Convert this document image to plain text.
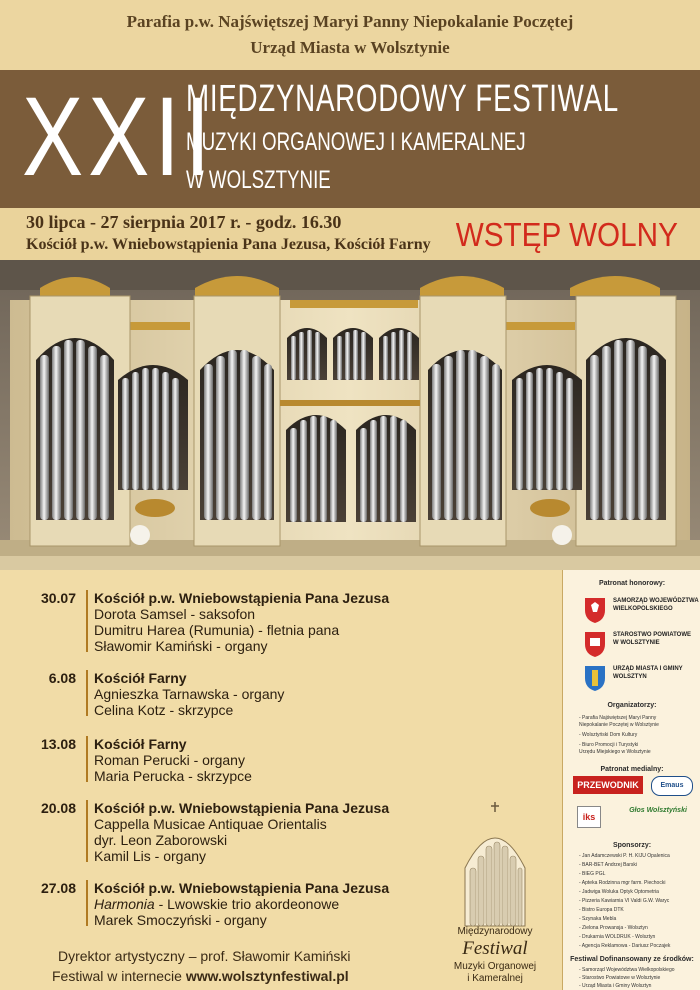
Parafia p.w. Najświętszej Maryi Panny Niepokalanie Poczętej
Urząd Miasta w Wolsztynie
XXII
MIĘDZYNARODOWY FESTIWAL
MUZYKI ORGANOWEJ I KAMERALNEJ
W WOLSZTYNIE
30 lipca - 27 sierpnia 2017 r. - godz. 16.30
Kościół p.w. Wniebowstąpienia Pana Jezusa, Kościół Farny WSTĘP WOLNY
30.07 Kościół p.w. Wniebowstąpienia Pana Jezusa
Dorota Samsel - saksofon
Dumitru Harea (Rumunia) - fletnia pana
Sławomir Kamiński - organy
6.08 Kościół Farny
Agnieszka Tarnawska - organy
Celina Kotz - skrzypce
13.08 Kościół Farny
Roman Perucki - organy
Maria Perucka - skrzypce
20.08 Kościół p.w. Wniebowstąpienia Pana Jezusa
Cappella Musicae Antiquae Orientalis
dyr. Leon Zaborowski
Kamil Lis - organy
27.08 Kościół p.w. Wniebowstąpienia Pana Jezusa
Harmonia - Lwowskie trio akordeonowe
Marek Smoczyński - organy
Dyrektor artystyczny – prof. Sławomir Kamiński
Festiwal w internecie www.wolsztynfestiwal.pl
Międzynarodowy
Festiwal
Muzyki Organowej
i Kameralnej
Patronat honorowy:
SAMORZĄD WOJEWÓDZTWA
WIELKOPOLSKIEGO
STAROSTWO POWIATOWE
W WOLSZTYNIE
URZĄD MIASTA I GMINY
WOLSZTYN
Organizatorzy:
- Parafia Najświętszej Maryi Panny
Niepokalanie Poczętej w Wolsztynie
- Wolsztyński Dom Kultury
- Biuro Promocji i Turystyki
Urzędu Miejskiego w Wolsztynie
Patronat medialny:
PRZEWODNIK	Emaus
iks
Głos Wolsztyński
Sponsorzy:
- Jan Adamczewski P. H. KIJU Opalenica
- BAR-BET Andrzej Barski
- BIEG PGL
- Apteka Rodzinna mgr farm. Piechocki
- Jadwiga Woluka Optyk Optometria
- Pizzeria Kawiarnia VI Valdi G.W. Waryc
- Bistro Europa DTK
- Szynaka Mebla
- Zielona Prowansja - Wolsztyn
- Drukarnia WOLDRUK - Wolsztyn
- Agencja Reklamowa - Dariusz Poczajek
Festiwal Dofinansowany ze środków:
- Samorząd Województwa Wielkopolskiego
- Starostwo Powiatowe w Wolsztynie
- Urząd Miasta i Gminy Wolsztyn
